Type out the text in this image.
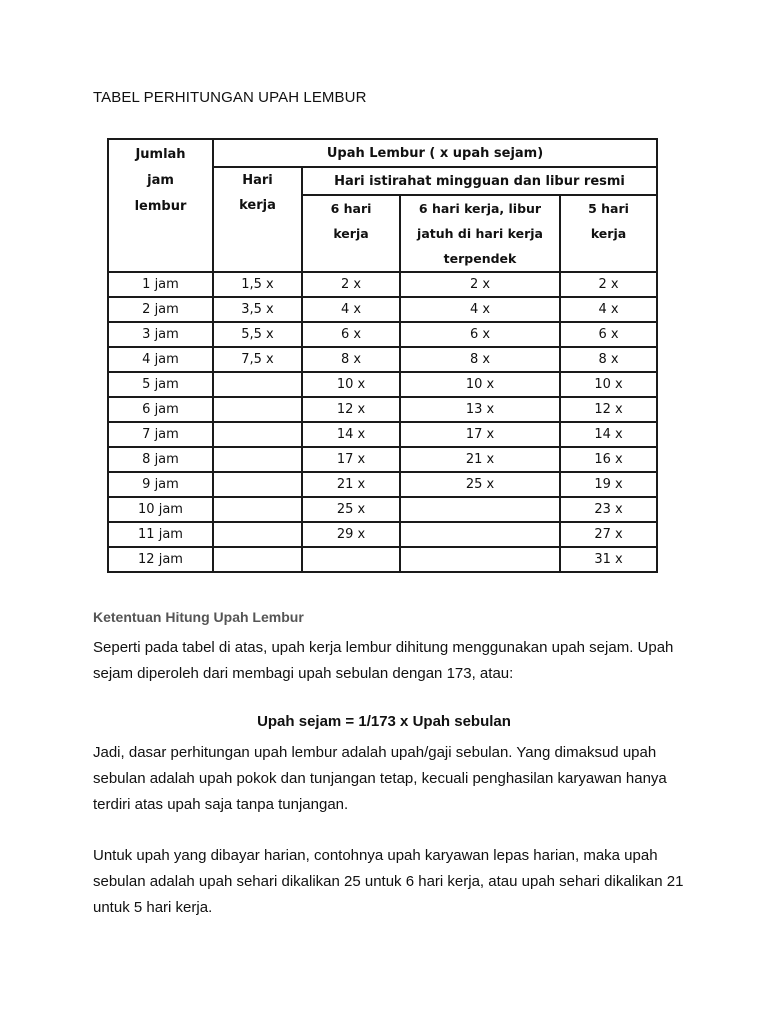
TABEL PERHITUNGAN UPAH LEMBUR
Jumlah jam lembur	Upah Lembur ( x upah sejam)			
	Hari kerja	Hari istirahat mingguan dan libur resmi		
		6 hari kerja	6 hari kerja, libur jatuh di hari kerja terpendek	5 hari kerja
1 jam	1,5 x	2 x	2 x	2 x
2 jam	3,5 x	4 x	4 x	4 x
3 jam	5,5 x	6 x	6 x	6 x
4 jam	7,5 x	8 x	8 x	8 x
5 jam		10 x	10 x	10 x
6 jam		12 x	13 x	12 x
7 jam		14 x	17 x	14 x
8 jam		17 x	21 x	16 x
9 jam		21 x	25 x	19 x
10 jam		25 x		23 x
11 jam		29 x		27 x
12 jam				31 x
Ketentuan Hitung Upah Lembur

Seperti pada tabel di atas, upah kerja lembur dihitung menggunakan upah sejam. Upah sejam diperoleh dari membagi upah sebulan dengan 173, atau:

Upah sejam = 1/173 x Upah sebulan

Jadi, dasar perhitungan upah lembur adalah upah/gaji sebulan. Yang dimaksud upah sebulan adalah upah pokok dan tunjangan tetap, kecuali penghasilan karyawan hanya terdiri atas upah saja tanpa tunjangan.

Untuk upah yang dibayar harian, contohnya upah karyawan lepas harian, maka upah sebulan adalah upah sehari dikalikan 25 untuk 6 hari kerja, atau upah sehari dikalikan 21 untuk 5 hari kerja.
